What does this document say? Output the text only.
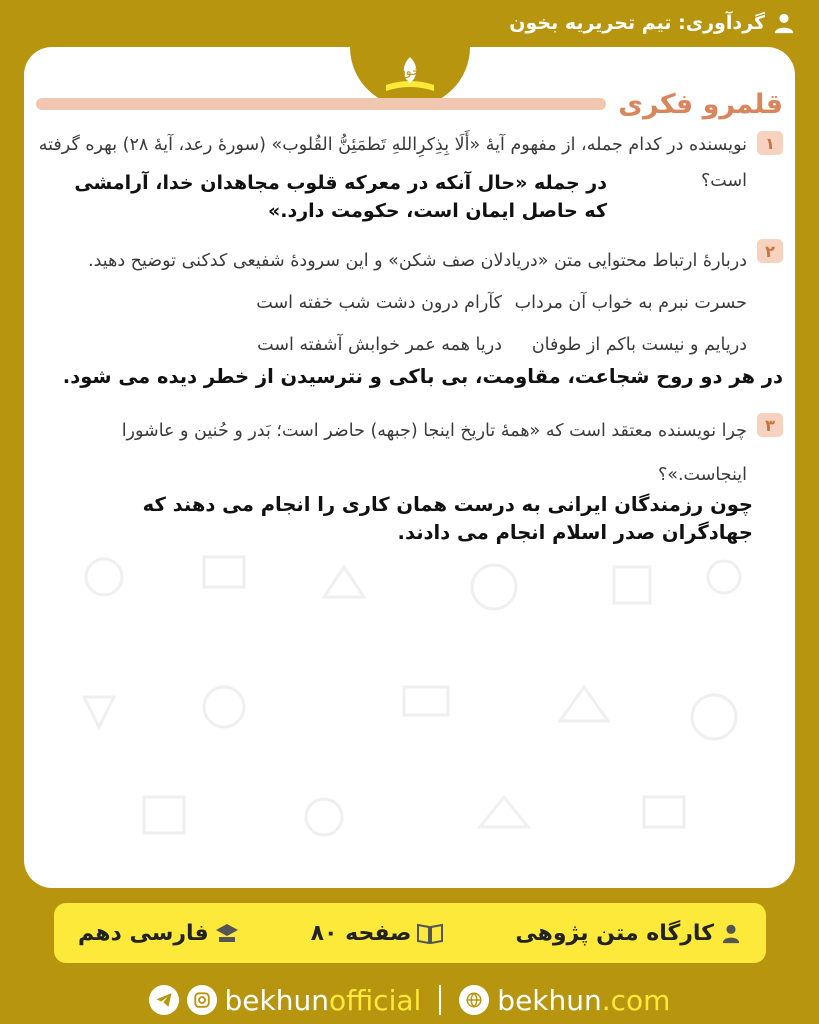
گردآوری: تیم تحریریه بخون
بخون
قلمرو فکری
۱
نویسنده در کدام جمله، از مفهوم آیهٔ «أَلَا بِذِکرِاللهِ تَطمَئِنُّ القُلوب» (سورهٔ رعد، آیهٔ ۲۸) بهره گرفته است؟
در جمله «حال آنکه در معرکه قلوب مجاهدان خدا، آرامشی که حاصل ایمان است، حکومت دارد.»
۲
دربارهٔ ارتباط محتوایی متن «دریادلان صف شکن» و این سرودهٔ شفیعی کدکنی توضیح دهید.
حسرت نبرم به خواب آن مرداب
کآرام درون دشت شب خفته است
دریایم و نیست باکم از طوفان
دریا همه عمر خوابش آشفته است
در هر دو روح شجاعت، مقاومت، بی باکی و نترسیدن از خطر دیده می شود.
۳
چرا نویسنده معتقد است که «همهٔ تاریخ اینجا (جبهه) حاضر است؛ بَدر و حُنین و عاشورا اینجاست.»؟
چون رزمندگان ایرانی به درست همان کاری را انجام می دهند که جهادگران صدر اسلام انجام می دادند.
کارگاه متن پژوهی
صفحه ۸۰
فارسی دهم
bekhunofficial	bekhun.com
